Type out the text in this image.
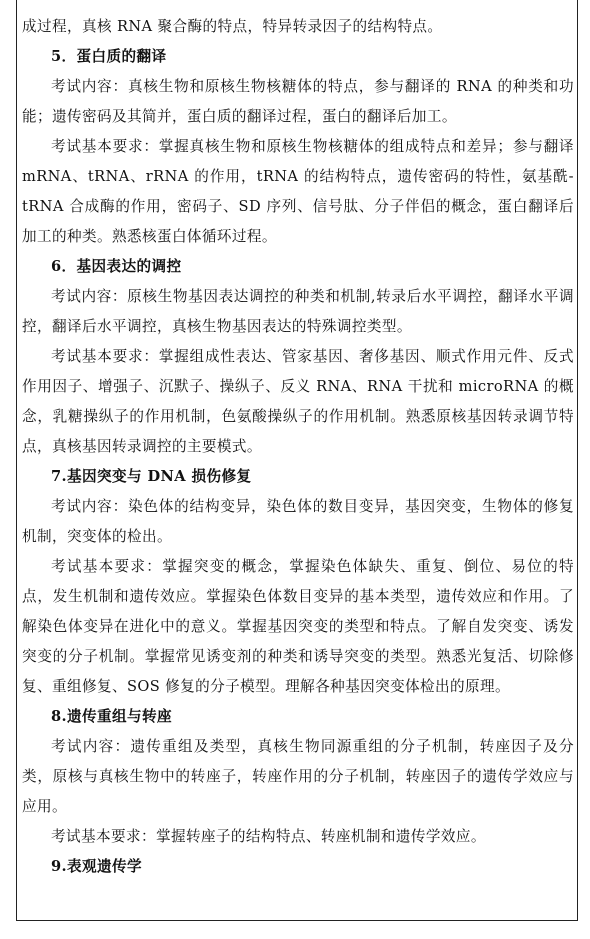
成过程，真核 RNA 聚合酶的特点，特异转录因子的结构特点。

5．蛋白质的翻译

考试内容：真核生物和原核生物核糖体的特点，参与翻译的 RNA 的种类和功能；遗传密码及其简并，蛋白质的翻译过程，蛋白的翻译后加工。

考试基本要求：掌握真核生物和原核生物核糖体的组成特点和差异；参与翻译 mRNA、tRNA、rRNA 的作用，tRNA 的结构特点，遗传密码的特性，氨基酰-tRNA 合成酶的作用，密码子、SD 序列、信号肽、分子伴侣的概念，蛋白翻译后加工的种类。熟悉核蛋白体循环过程。

6．基因表达的调控

考试内容：原核生物基因表达调控的种类和机制,转录后水平调控，翻译水平调控，翻译后水平调控，真核生物基因表达的特殊调控类型。

考试基本要求：掌握组成性表达、管家基因、奢侈基因、顺式作用元件、反式作用因子、增强子、沉默子、操纵子、反义 RNA、RNA 干扰和 microRNA 的概念，乳糖操纵子的作用机制，色氨酸操纵子的作用机制。熟悉原核基因转录调节特点，真核基因转录调控的主要模式。

7.基因突变与 DNA 损伤修复

考试内容：染色体的结构变异，染色体的数目变异，基因突变，生物体的修复机制，突变体的检出。

考试基本要求：掌握突变的概念，掌握染色体缺失、重复、倒位、易位的特点，发生机制和遗传效应。掌握染色体数目变异的基本类型，遗传效应和作用。了解染色体变异在进化中的意义。掌握基因突变的类型和特点。了解自发突变、诱发突变的分子机制。掌握常见诱变剂的种类和诱导突变的类型。熟悉光复活、切除修复、重组修复、SOS 修复的分子模型。理解各种基因突变体检出的原理。

8.遗传重组与转座

考试内容：遗传重组及类型，真核生物同源重组的分子机制，转座因子及分类，原核与真核生物中的转座子，转座作用的分子机制，转座因子的遗传学效应与应用。

考试基本要求：掌握转座子的结构特点、转座机制和遗传学效应。

9.表观遗传学
